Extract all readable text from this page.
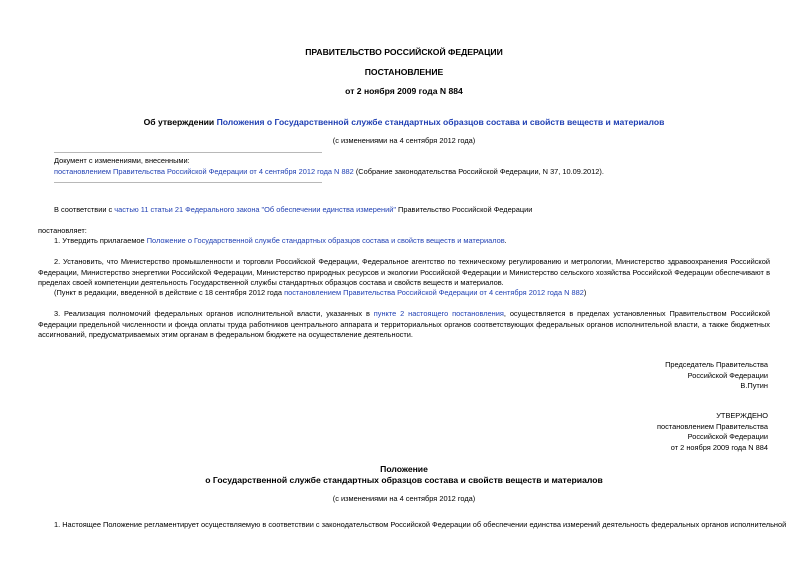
ПРАВИТЕЛЬСТВО РОССИЙСКОЙ ФЕДЕРАЦИИ
ПОСТАНОВЛЕНИЕ
от 2 ноября 2009 года N 884
Об утверждении Положения о Государственной службе стандартных образцов состава и свойств веществ и материалов
(с изменениями на 4 сентября 2012 года)
Документ с изменениями, внесенными:
постановлением Правительства Российской Федерации от 4 сентября 2012 года N 882 (Собрание законодательства Российской Федерации, N 37, 10.09.2012).
В соответствии с частью 11 статьи 21 Федерального закона "Об обеспечении единства измерений" Правительство Российской Федерации
постановляет:
1. Утвердить прилагаемое Положение о Государственной службе стандартных образцов состава и свойств веществ и материалов.
2. Установить, что Министерство промышленности и торговли Российской Федерации, Федеральное агентство по техническому регулированию и метрологии, Министерство здравоохранения Российской Федерации, Министерство энергетики Российской Федерации, Министерство природных ресурсов и экологии Российской Федерации и Министерство сельского хозяйства Российской Федерации обеспечивают в пределах своей компетенции деятельность Государственной службы стандартных образцов состава и свойств веществ и материалов.
(Пункт в редакции, введенной в действие с 18 сентября 2012 года постановлением Правительства Российской Федерации от 4 сентября 2012 года N 882)
3. Реализация полномочий федеральных органов исполнительной власти, указанных в пункте 2 настоящего постановления, осуществляется в пределах установленных Правительством Российской Федерации предельной численности и фонда оплаты труда работников центрального аппарата и территориальных органов соответствующих федеральных органов исполнительной власти, а также бюджетных ассигнований, предусматриваемых этим органам в федеральном бюджете на осуществление деятельности.

Председатель Правительства

Российской Федерации

В.Путин

УТВЕРЖДЕНО

постановлением Правительства

Российской Федерации

от 2 ноября 2009 года N 884

Положение
о Государственной службе стандартных образцов состава и свойств веществ и материалов
(с изменениями на 4 сентября 2012 года)
1. Настоящее Положение регламентирует осуществляемую в соответствии с законодательством Российской Федерации об обеспечении единства измерений деятельность федеральных органов исполнительной
